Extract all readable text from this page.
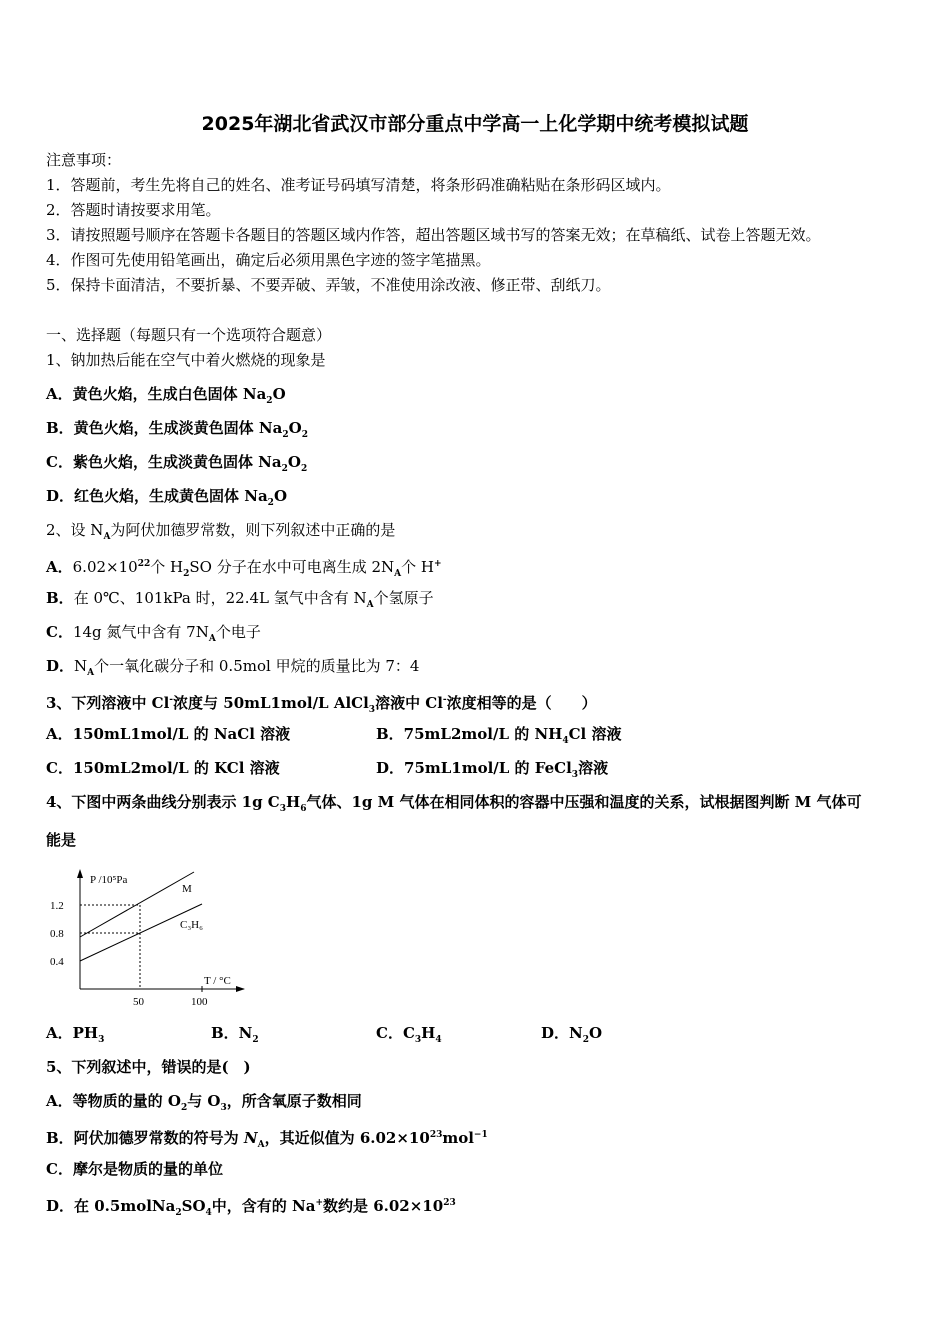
P /10⁵Pa
T / °C
M
C₃H₆
1.2
0.8
0.4
50	100
2025年湖北省武汉市部分重点中学高一上化学期中统考模拟试题
注意事项：
1．答题前，考生先将自己的姓名、准考证号码填写清楚，将条形码准确粘贴在条形码区域内。
2．答题时请按要求用笔。
3．请按照题号顺序在答题卡各题目的答题区域内作答，超出答题区域书写的答案无效；在草稿纸、试卷上答题无效。
4．作图可先使用铅笔画出，确定后必须用黑色字迹的签字笔描黑。
5．保持卡面清洁，不要折暴、不要弄破、弄皱，不准使用涂改液、修正带、刮纸刀。
一、选择题（每题只有一个选项符合题意）
1、钠加热后能在空气中着火燃烧的现象是
A．黄色火焰，生成白色固体 $Na_2O$
B．黄色火焰，生成淡黄色固体 $Na_2O_2$
C．紫色火焰，生成淡黄色固体 $Na_2O_2$
D．红色火焰，生成黄色固体 $Na_2O$
2、设 $N_A$为阿伏加德罗常数，则下列叙述中正确的是
A．$6.02\times 10^{22}$个 $H_2SO$ 分子在水中可电离生成 $2N_A$个 H+
B．在 0℃、101kPa 时，22.4L 氢气中含有 $N_A$个氢原子
C．14g 氮气中含有 $7N_A$个电子
D．$N_A$个一氧化碳分子和 0.5mol 甲烷的质量比为 7：4
3、下列溶液中 Cl-浓度与 50mL1mol/L AlCl$_3$溶液中 Cl-浓度相等的是（　　）
A．150mL1mol/L 的 NaCl 溶液	B．75mL2mol/L 的 $NH_4Cl$ 溶液
C．150mL2mol/L 的 KCl 溶液	D．75mL1mol/L 的 FeCl$_3$溶液
4、下图中两条曲线分别表示 1g $C_3H_6$气体、1g M 气体在相同体积的容器中压强和温度的关系，试根据图判断 M 气体可
能是
A．$PH_3$	B．$N_2$	C．$C_3H_4$	D．$N_2O$
5、下列叙述中，错误的是(　)
A．等物质的量的 $O_2$与 $O_3$，所含氧原子数相同
B．阿伏加德罗常数的符号为 $N_A$，其近似值为 $6.02\times 10^{23}mol^{-1}$
C．摩尔是物质的量的单位
D．在 $0.5molNa_2SO_4$中，含有的 Na+数约是 $6.02\times 10^{23}$
